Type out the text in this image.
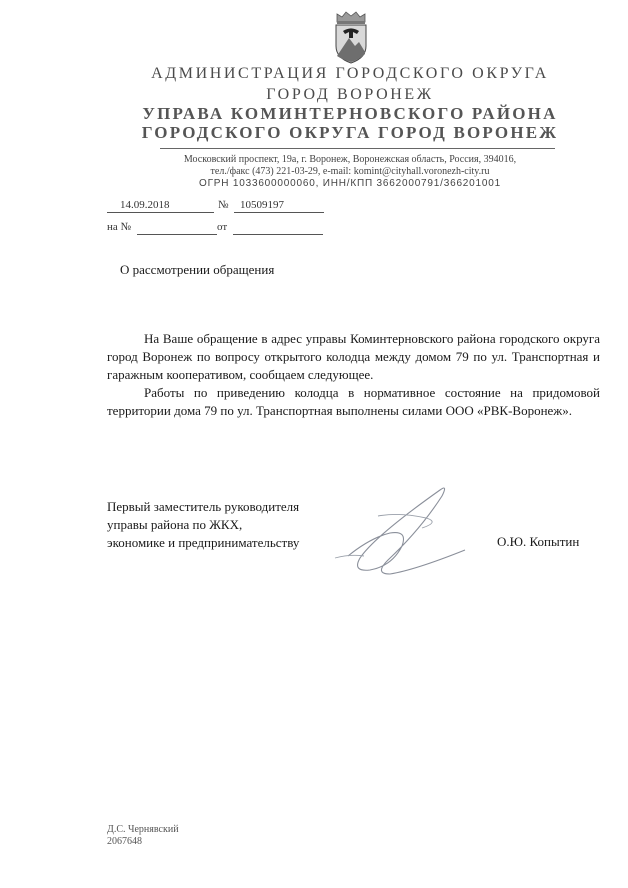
АДМИНИСТРАЦИЯ ГОРОДСКОГО ОКРУГА
ГОРОД ВОРОНЕЖ
УПРАВА КОМИНТЕРНОВСКОГО РАЙОНА
ГОРОДСКОГО ОКРУГА ГОРОД ВОРОНЕЖ
Московский проспект, 19а, г. Воронеж, Воронежская область, Россия, 394016,
тел./факс (473) 221-03-29, e-mail: komint@cityhall.voronezh-city.ru
ОГРН 1033600000060, ИНН/КПП 3662000791/366201001
14.09.2018	№ 10509197
на №	от
О рассмотрении обращения

На Ваше обращение в адрес управы Коминтерновского района городского округа город Воронеж по вопросу открытого колодца между домом 79 по ул. Транспортная и гаражным кооперативом, сообщаем следующее.

Работы по приведению колодца в нормативное состояние на придомовой территории дома 79 по ул. Транспортная выполнены силами ООО «РВК-Воронеж».

Первый заместитель руководителя
управы района по ЖКХ,
экономике и предпринимательству	О.Ю. Копытин
Д.С. Чернявский
2067648
